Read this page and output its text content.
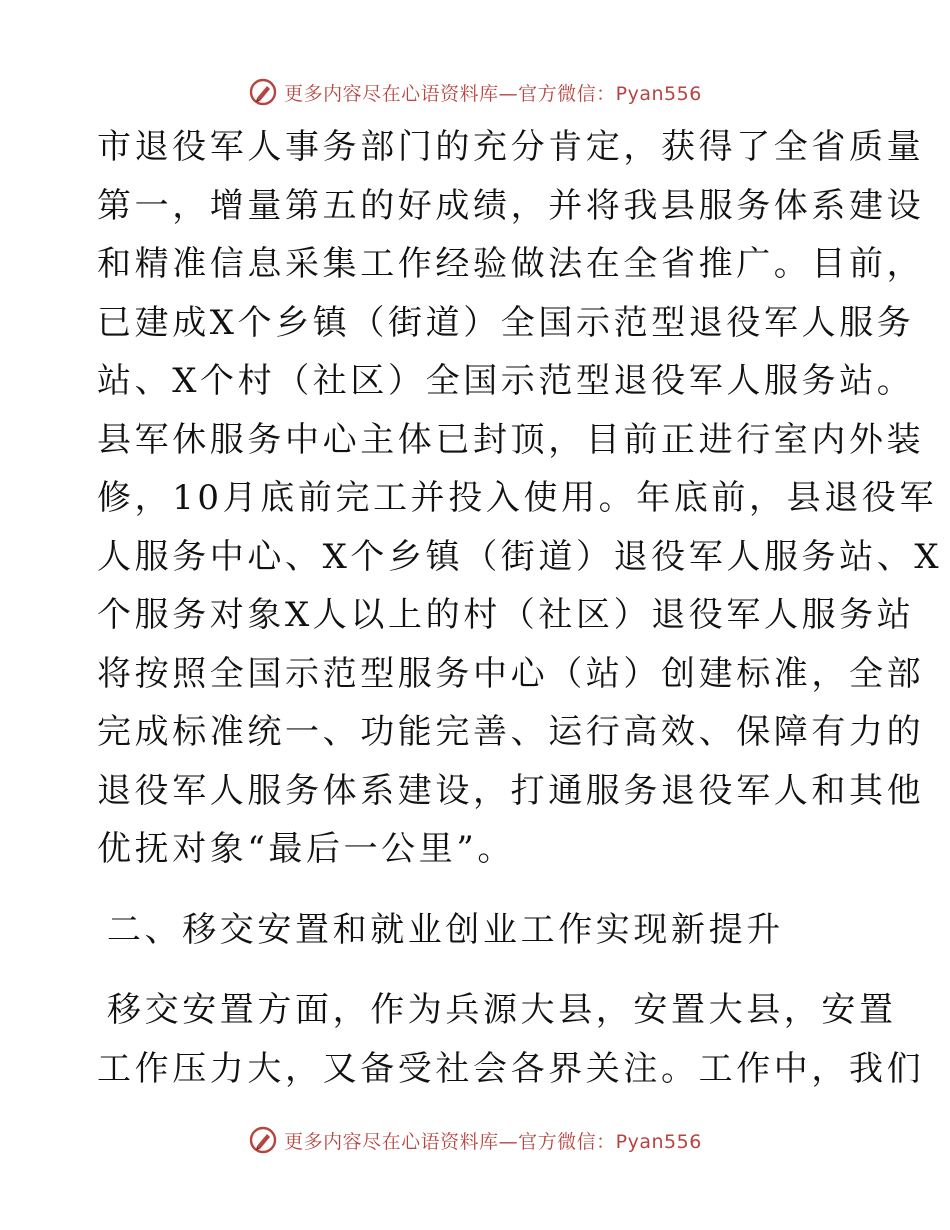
更多内容尽在心语资料库—官方微信：Pyan556
市退役军人事务部门的充分肯定，获得了全省质量
第一，增量第五的好成绩，并将我县服务体系建设
和精准信息采集工作经验做法在全省推广。目前，
已建成X个乡镇（街道）全国示范型退役军人服务
站、X个村（社区）全国示范型退役军人服务站。
县军休服务中心主体已封顶，目前正进行室内外装
修，10月底前完工并投入使用。年底前，县退役军
人服务中心、X个乡镇（街道）退役军人服务站、X
个服务对象X人以上的村（社区）退役军人服务站
将按照全国示范型服务中心（站）创建标准，全部
完成标准统一、功能完善、运行高效、保障有力的
退役军人服务体系建设，打通服务退役军人和其他
优抚对象“最后一公里”。
二、移交安置和就业创业工作实现新提升
移交安置方面，作为兵源大县，安置大县，安置
工作压力大，又备受社会各界关注。工作中，我们
更多内容尽在心语资料库—官方微信：Pyan556
